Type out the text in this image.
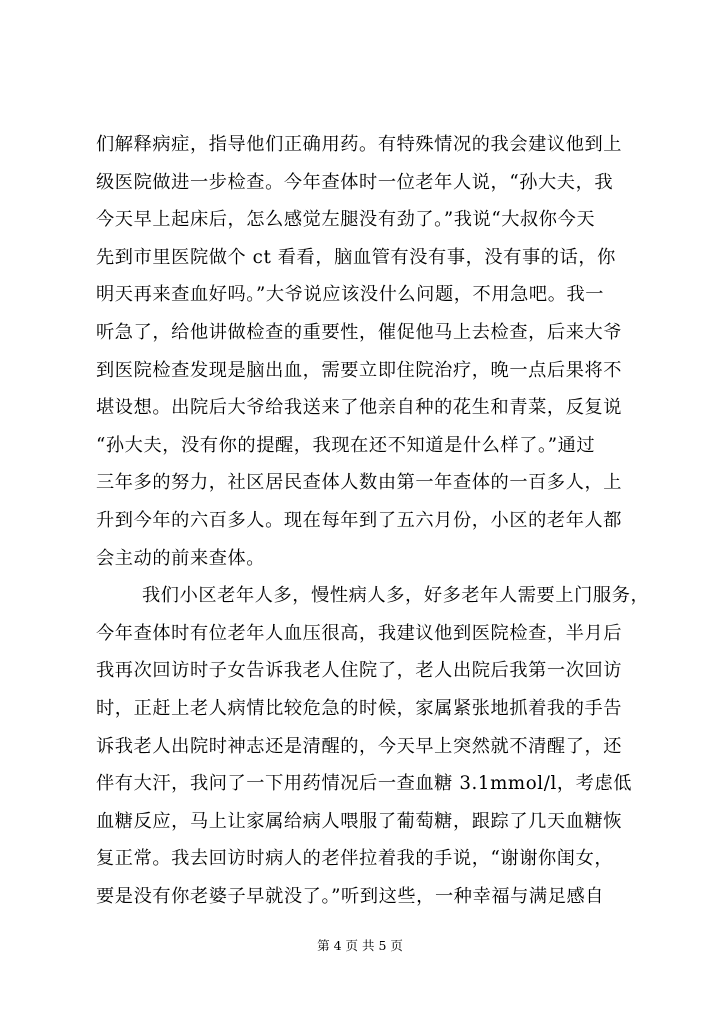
们解释病症，指导他们正确用药。有特殊情况的我会建议他到上
级医院做进一步检查。今年查体时一位老年人说，“孙大夫，我
今天早上起床后，怎么感觉左腿没有劲了。”我说“大叔你今天
先到市里医院做个 ct 看看，脑血管有没有事，没有事的话，你
明天再来查血好吗。”大爷说应该没什么问题，不用急吧。我一
听急了，给他讲做检查的重要性，催促他马上去检查，后来大爷
到医院检查发现是脑出血，需要立即住院治疗，晚一点后果将不
堪设想。出院后大爷给我送来了他亲自种的花生和青菜，反复说
“孙大夫，没有你的提醒，我现在还不知道是什么样了。”通过
三年多的努力，社区居民查体人数由第一年查体的一百多人，上
升到今年的六百多人。现在每年到了五六月份，小区的老年人都
会主动的前来查体。
我们小区老年人多，慢性病人多，好多老年人需要上门服务，
今年查体时有位老年人血压很高，我建议他到医院检查，半月后
我再次回访时子女告诉我老人住院了，老人出院后我第一次回访
时，正赶上老人病情比较危急的时候，家属紧张地抓着我的手告
诉我老人出院时神志还是清醒的，今天早上突然就不清醒了，还
伴有大汗，我问了一下用药情况后一查血糖 3.1mmol/l，考虑低
血糖反应，马上让家属给病人喂服了葡萄糖，跟踪了几天血糖恢
复正常。我去回访时病人的老伴拉着我的手说，“谢谢你闺女，
要是没有你老婆子早就没了。”听到这些，一种幸福与满足感自
第 4 页 共 5 页
